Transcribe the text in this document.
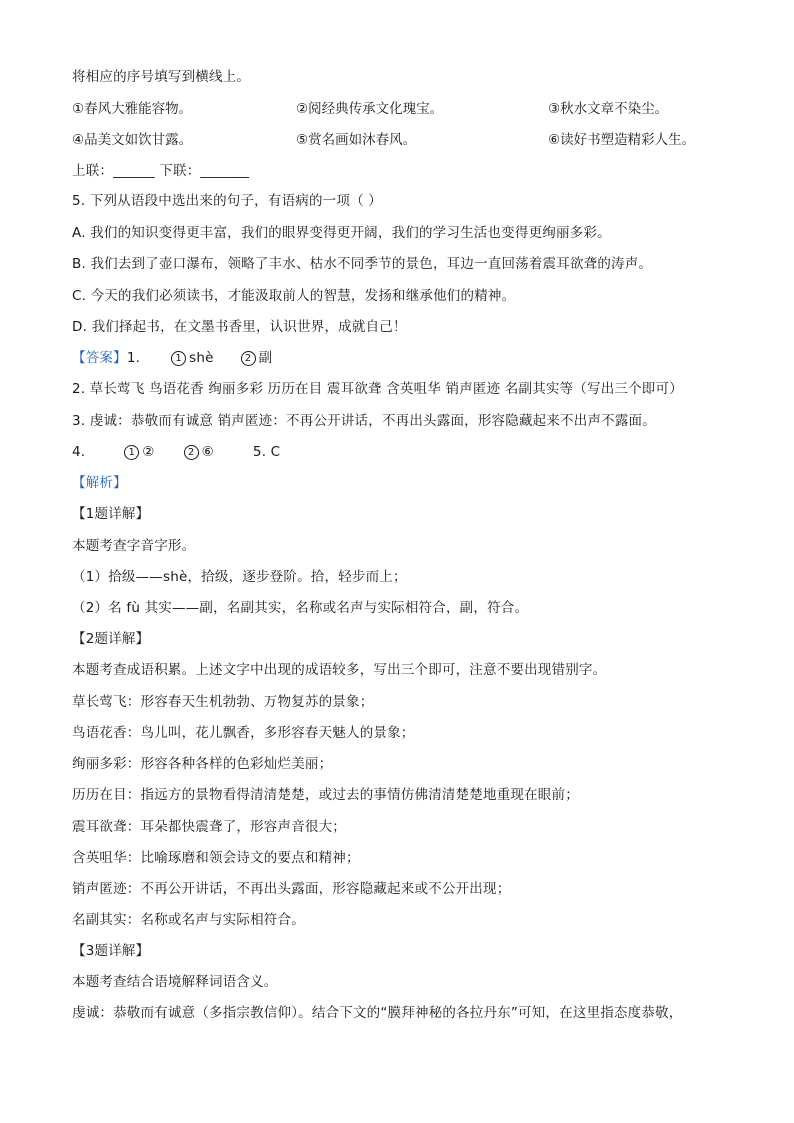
将相应的序号填写到横线上。
①春风大雅能容物。	②阅经典传承文化瑰宝。	③秋水文章不染尘。
④品美文如饮甘露。	⑤赏名画如沐春风。	⑥读好书塑造精彩人生。
上联：______ 下联：_______
5. 下列从语段中选出来的句子，有语病的一项（ ）
A. 我们的知识变得更丰富，我们的眼界变得更开阔，我们的学习生活也变得更绚丽多彩。
B. 我们去到了壶口瀑布，领略了丰水、枯水不同季节的景色，耳边一直回荡着震耳欲聋的涛声。
C. 今天的我们必须读书，才能汲取前人的智慧，发扬和继承他们的精神。
D. 我们择起书，在文墨书香里，认识世界，成就自己！
【答案】1.	1 shè	2 副
2. 草长莺飞 鸟语花香 绚丽多彩 历历在目 震耳欲聋 含英咀华 销声匿迹 名副其实等（写出三个即可）
3. 虔诚：恭敬而有诚意 销声匿迹：不再公开讲话，不再出头露面，形容隐藏起来不出声不露面。
4.	1 ②	2 ⑥	5. C
【解析】
【1题详解】
本题考查字音字形。
（1）拾级——shè，拾级，逐步登阶。拾，轻步而上；
（2）名 fù 其实——副，名副其实，名称或名声与实际相符合，副，符合。
【2题详解】
本题考查成语积累。上述文字中出现的成语较多，写出三个即可，注意不要出现错别字。
草长莺飞：形容春天生机勃勃、万物复苏的景象；
鸟语花香：鸟儿叫，花儿飘香，多形容春天魅人的景象；
绚丽多彩：形容各种各样的色彩灿烂美丽；
历历在目：指远方的景物看得清清楚楚，或过去的事情仿佛清清楚楚地重现在眼前；
震耳欲聋：耳朵都快震聋了，形容声音很大；
含英咀华：比喻琢磨和领会诗文的要点和精神；
销声匿迹：不再公开讲话，不再出头露面，形容隐藏起来或不公开出现；
名副其实：名称或名声与实际相符合。
【3题详解】
本题考查结合语境解释词语含义。
虔诚：恭敬而有诚意（多指宗教信仰）。结合下文的“膜拜神秘的各拉丹东”可知，在这里指态度恭敬，
